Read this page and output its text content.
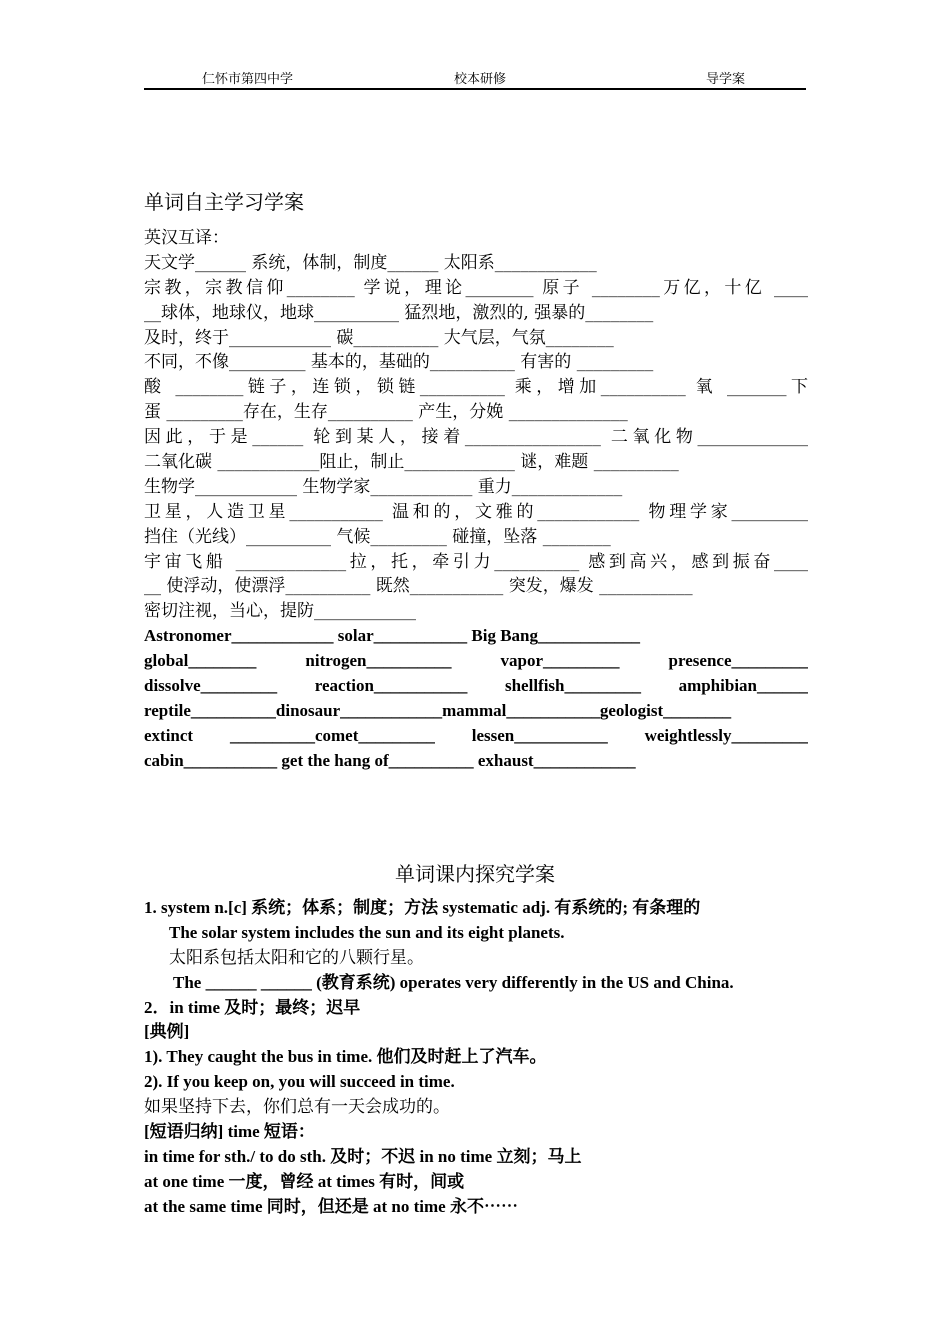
仁怀市第四中学	校本研修	导学案
单词自主学习学案
英汉互译：
天文学______ 系统，体制，制度______ 太阳系____________
宗教，宗教信仰________ 学说，理论________ 原子 ________万亿，十亿 ____
__球体，地球仪，地球__________ 猛烈地，激烈的, 强暴的________
及时，终于____________ 碳__________ 大气层，气氛________
不同，不像_________ 基本的，基础的__________ 有害的 _________
酸 ________链子，连锁，锁链__________ 乘，增加__________ 氧 _______下
蛋 _________存在，生存__________ 产生，分娩 ______________
因此，于是______ 轮到某人，接着________________ 二氧化物_____________
二氧化碳 ____________阻止，制止_____________ 谜，难题 __________
生物学____________ 生物学家____________ 重力_____________
卫星，人造卫星___________ 温和的，文雅的____________ 物理学家_________
挡住（光线）__________ 气候_________ 碰撞，坠落 ________
宇宙飞船 _____________拉，托，牵引力__________ 感到高兴，感到振奋____
__ 使浮动，使漂浮__________ 既然___________ 突发，爆发 ___________
密切注视，当心，提防____________
Astronomer____________ solar___________ Big Bang____________
global________ nitrogen__________ vapor_________ presence_________
dissolve_________ reaction___________ shellfish_________ amphibian______
reptile__________dinosaur____________mammal___________geologist________
extinct __________comet_________ lessen___________ weightlessly_________
cabin___________ get the hang of__________ exhaust____________
单词课内探究学案
1. system n.[c] 系统；体系；制度；方法 systematic adj. 有系统的; 有条理的
The solar system includes the sun and its eight planets.
太阳系包括太阳和它的八颗行星。
The ______ ______ (教育系统) operates very differently in the US and China.
2．in time 及时；最终；迟早
[典例]
1). They caught the bus in time. 他们及时赶上了汽车。
2). If you keep on, you will succeed in time.
如果坚持下去，你们总有一天会成功的。
[短语归纳] time 短语：
in time for sth./ to do sth. 及时；不迟 in no time 立刻；马上
at one time 一度，曾经 at times 有时，间或
at the same time 同时，但还是 at no time 永不⋯⋯
